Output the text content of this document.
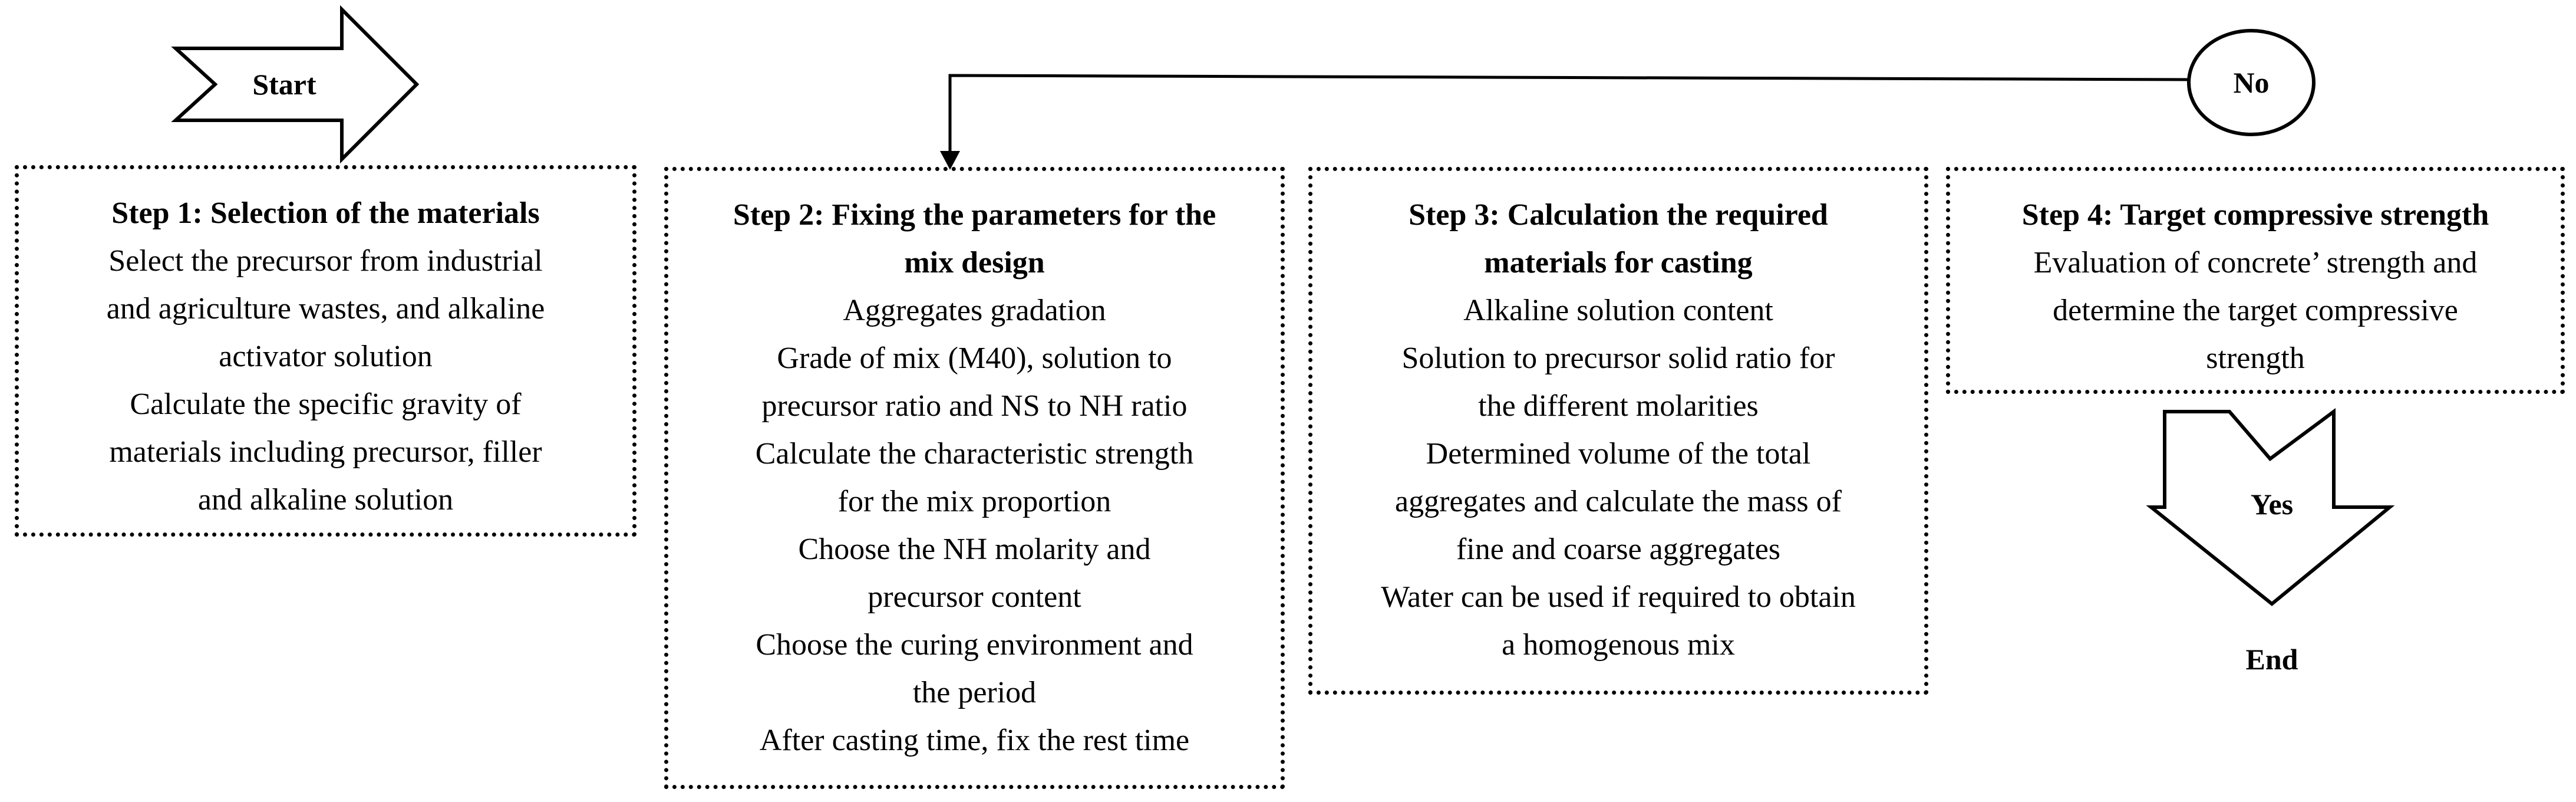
Start	No
Yes
End
Step 1: Selection of the materials
Select the precursor from industrial
and agriculture wastes, and alkaline
activator solution
Calculate the specific gravity of
materials including precursor, filler
and alkaline solution
Step 2: Fixing the parameters for the
mix design
Aggregates gradation
Grade of mix (M40), solution to
precursor ratio and NS to NH ratio
Calculate the characteristic strength
for the mix proportion
Choose the NH molarity and
precursor content
Choose the curing environment and
the period
After casting time, fix the rest time
Step 3: Calculation the required
materials for casting
Alkaline solution content
Solution to precursor solid ratio for
the different molarities
Determined volume of the total
aggregates and calculate the mass of
fine and coarse aggregates
Water can be used if required to obtain
a homogenous mix
Step 4: Target compressive strength
Evaluation of concrete’ strength and
determine the target compressive
strength
